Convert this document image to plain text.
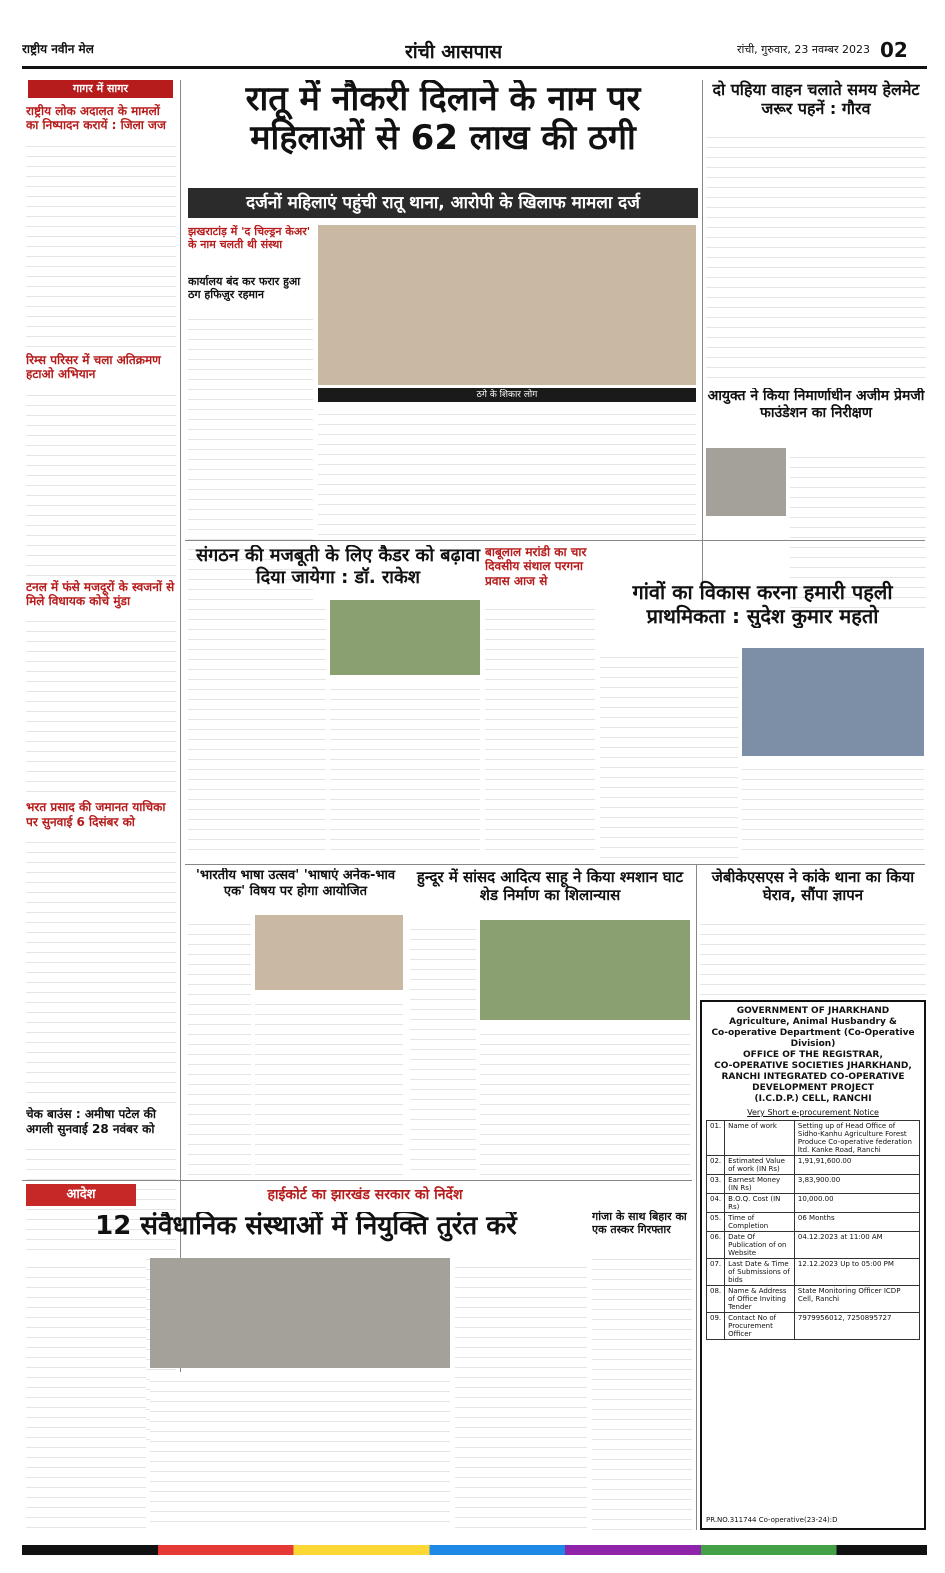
राष्ट्रीय नवीन मेल	रांची आसपास	रांची, गुरुवार, 23 नवम्बर 2023 02
गागर में सागर
राष्ट्रीय लोक अदालत के मामलों का निष्पादन करायें : जिला जज
रिम्स परिसर में चला अतिक्रमण हटाओ अभियान
टनल में फंसे मजदूरों के स्वजनों से मिले विधायक कोचे मुंडा
भरत प्रसाद की जमानत याचिका पर सुनवाई 6 दिसंबर को
चेक बाउंस : अमीषा पटेल की अगली सुनवाई 28 नवंबर को
रातू में नौकरी दिलाने के नाम पर महिलाओं से 62 लाख की ठगी
दर्जनों महिलाएं पहुंची रातू थाना, आरोपी के खिलाफ मामला दर्ज
झखराटांड़ में 'द चिल्ड्रन केअर' के नाम चलती थी संस्था
कार्यालय बंद कर फरार हुआ ठग हफिज़ुर रहमान
ठगे के शिकार लोग
दो पहिया वाहन चलाते समय हेलमेट जरूर पहनें : गौरव
आयुक्त ने किया निमार्णाधीन अजीम प्रेमजी फाउंडेशन का निरीक्षण
संगठन की मजबूती के लिए कैडर को बढ़ावा दिया जायेगा : डॉ. राकेश
बाबूलाल मरांडी का चार दिवसीय संथाल परगना प्रवास आज से	गांवों का विकास करना हमारी पहली प्राथमिकता : सुदेश कुमार महतो
'भारतीय भाषा उत्सव' 'भाषाएं अनेक-भाव एक' विषय पर होगा आयोजित
हुन्दूर में सांसद आदित्य साहू ने किया श्मशान घाट शेड निर्माण का शिलान्यास
जेबीकेएसएस ने कांके थाना का किया घेराव, सौंपा ज्ञापन
GOVERNMENT OF JHARKHAND
Agriculture, Animal Husbandry &
Co-operative Department (Co-Operative Division)
OFFICE OF THE REGISTRAR,
CO-OPERATIVE SOCIETIES JHARKHAND,
RANCHI INTEGRATED CO-OPERATIVE
DEVELOPMENT PROJECT
(I.C.D.P.) CELL, RANCHI
Very Short e-procurement Notice
01.	Name of work	Setting up of Head Office of Sidho-Kanhu Agriculture Forest Produce Co-operative federation ltd. Kanke Road, Ranchi
02.	Estimated Value of work (IN Rs)	1,91,91,600.00
03.	Earnest Money (IN Rs)	3,83,900.00
04.	B.O.Q. Cost (IN Rs)	10,000.00
05.	Time of Completion	06 Months
06.	Date Of Publication of on Website	04.12.2023 at 11:00 AM
07.	Last Date & Time of Submissions of bids	12.12.2023 Up to 05:00 PM
08.	Name & Address of Office Inviting Tender	State Monitoring Officer ICDP Cell, Ranchi
09.	Contact No of Procurement Officer	7979956012, 7250895727
PR.NO.311744 Co-operative(23-24):D
आदेश	हाईकोर्ट का झारखंड सरकार को निर्देश
12 संवैधानिक संस्थाओं में नियुक्ति तुरंत करें	गांजा के साथ बिहार का एक तस्कर गिरफ्तार
